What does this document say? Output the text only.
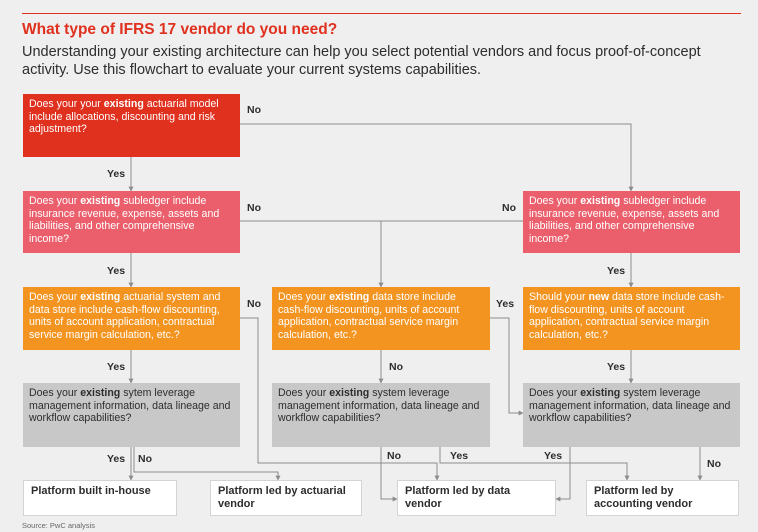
What type of IFRS 17 vendor do you need?
Understanding your existing architecture can help you select potential vendors and focus proof-of-concept activity. Use this flowchart to evaluate your current systems capabilities.
Does your your existing actuarial model include allocations, discounting and risk adjustment?
Does your existing subledger include insurance revenue, expense, assets and liabilities, and other comprehensive income?
Does your existing subledger include insurance revenue, expense, assets and liabilities, and other comprehensive income?
Does your existing actuarial system and data store include cash-flow discounting, units of account application, contractual service margin calculation, etc.?
Does your existing data store include cash-flow discounting, units of account application, contractual service margin calculation, etc.?
Should your new data store include cash-flow discounting, units of account application, contractual service margin calculation, etc.?
Does your existing sytem leverage management information, data lineage and workflow capabilities?
Does your existing system leverage management information, data lineage and workflow capabilities?
Does your existing system leverage management information, data lineage and workflow capabilities?
Platform built in-house	Platform led by actuarial vendor
Platform led by data vendor
Platform led by accounting vendor
No
Yes
No	No
Yes	Yes
No	Yes
Yes	No	Yes
Yes No	No	Yes	Yes
No
Source: PwC analysis
